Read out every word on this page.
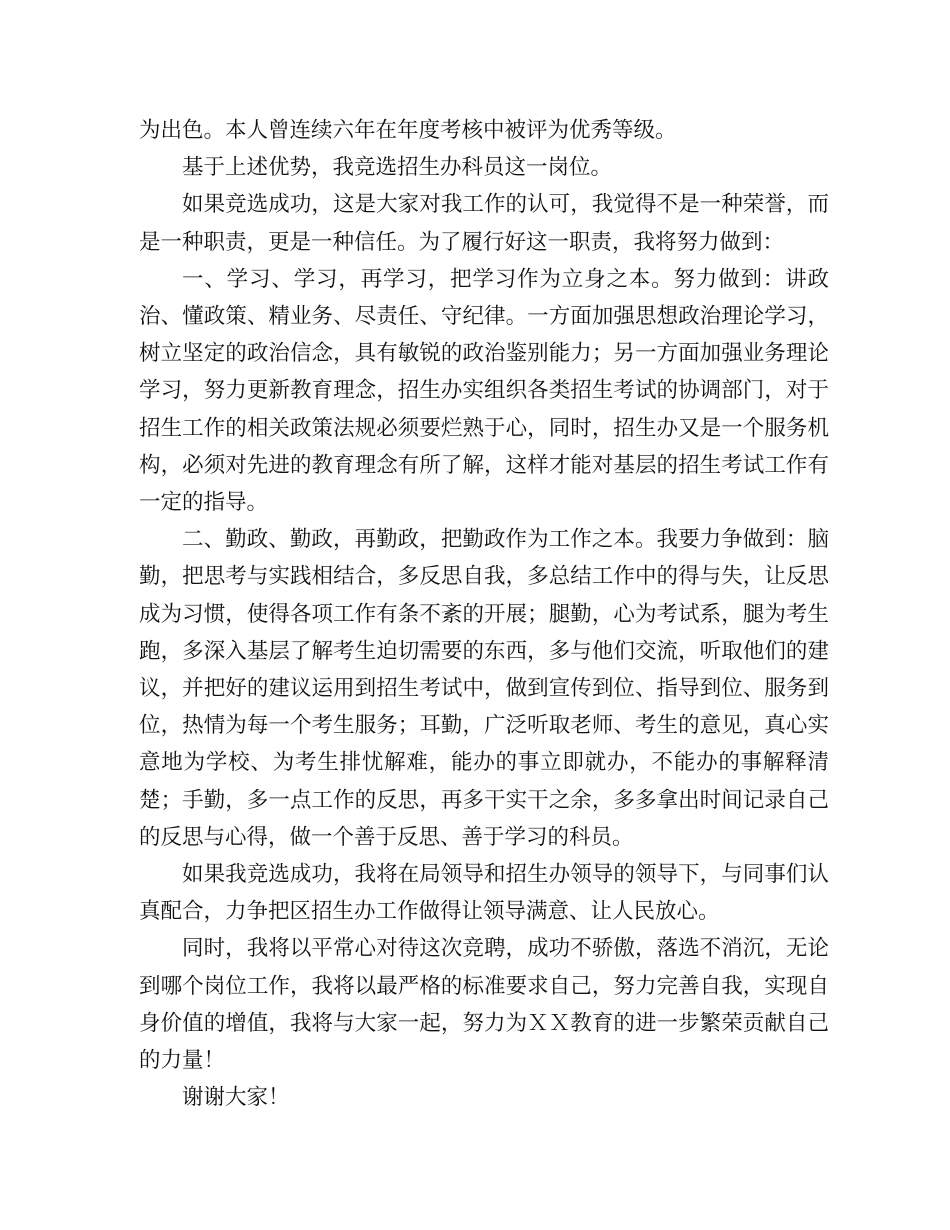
为出色。本人曾连续六年在年度考核中被评为优秀等级。

基于上述优势，我竞选招生办科员这一岗位。

如果竞选成功，这是大家对我工作的认可，我觉得不是一种荣誉，而是一种职责，更是一种信任。为了履行好这一职责，我将努力做到：

一、学习、学习，再学习，把学习作为立身之本。努力做到：讲政治、懂政策、精业务、尽责任、守纪律。一方面加强思想政治理论学习，树立坚定的政治信念，具有敏锐的政治鉴别能力；另一方面加强业务理论学习，努力更新教育理念，招生办实组织各类招生考试的协调部门，对于招生工作的相关政策法规必须要烂熟于心，同时，招生办又是一个服务机构，必须对先进的教育理念有所了解，这样才能对基层的招生考试工作有一定的指导。

二、勤政、勤政，再勤政，把勤政作为工作之本。我要力争做到：脑勤，把思考与实践相结合，多反思自我，多总结工作中的得与失，让反思成为习惯，使得各项工作有条不紊的开展；腿勤，心为考试系，腿为考生跑，多深入基层了解考生迫切需要的东西，多与他们交流，听取他们的建议，并把好的建议运用到招生考试中，做到宣传到位、指导到位、服务到位，热情为每一个考生服务；耳勤，广泛听取老师、考生的意见，真心实意地为学校、为考生排忧解难，能办的事立即就办，不能办的事解释清楚；手勤，多一点工作的反思，再多干实干之余，多多拿出时间记录自己的反思与心得，做一个善于反思、善于学习的科员。

如果我竞选成功，我将在局领导和招生办领导的领导下，与同事们认真配合，力争把区招生办工作做得让领导满意、让人民放心。

同时，我将以平常心对待这次竞聘，成功不骄傲，落选不消沉，无论到哪个岗位工作，我将以最严格的标准要求自己，努力完善自我，实现自身价值的增值，我将与大家一起，努力为ＸＸ教育的进一步繁荣贡献自己的力量！

谢谢大家！
